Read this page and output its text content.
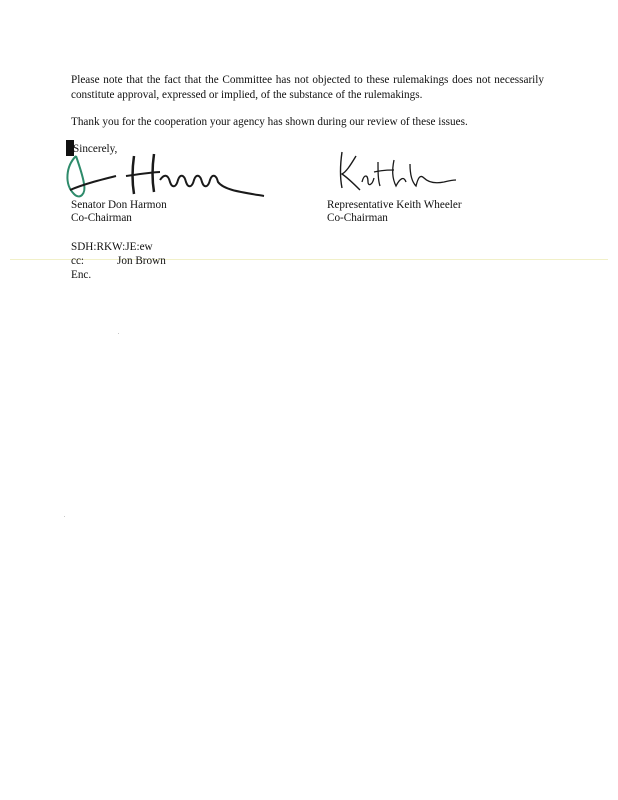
Please note that the fact that the Committee has not objected to these rulemakings does not necessarily constitute approval, expressed or implied, of the substance of the rulemakings.

Thank you for the cooperation your agency has shown during our review of these issues.

Sincerely,
Senator Don Harmon
Co-Chairman
Representative Keith Wheeler
Co-Chairman
SDH:RKW:JE:ew
cc:	Jon Brown
Enc.
